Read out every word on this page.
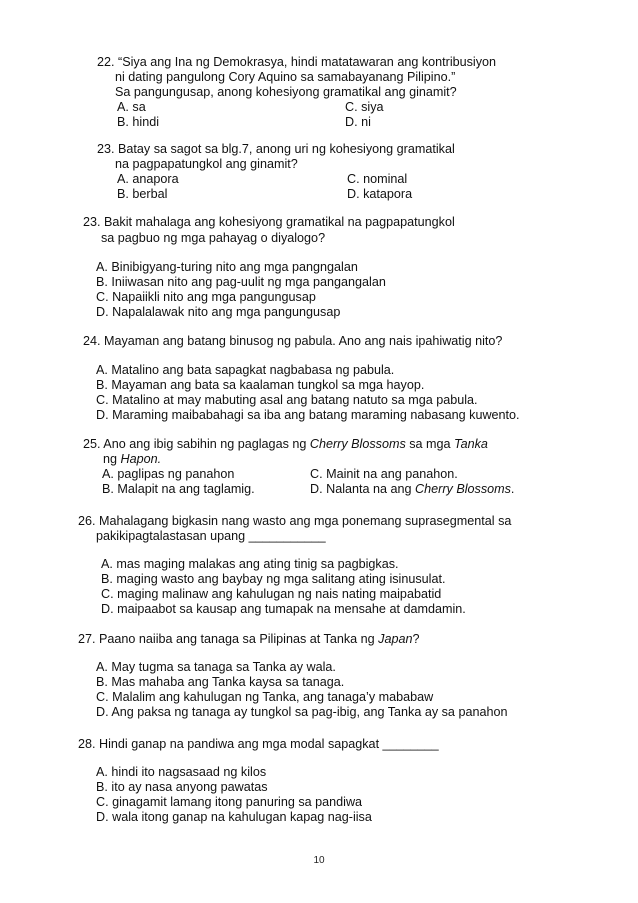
22. “Siya ang Ina ng Demokrasya, hindi matatawaran ang kontribusiyon
ni dating pangulong Cory Aquino sa samabayanang Pilipino.”
Sa pangungusap, anong kohesiyong gramatikal ang ginamit?
A. sa	C. siya
B. hindi	D. ni
23. Batay sa sagot sa blg.7, anong uri ng kohesiyong gramatikal
na pagpapatungkol ang ginamit?
A. anapora	C. nominal
B. berbal	D. katapora
23. Bakit mahalaga ang kohesiyong gramatikal na pagpapatungkol
sa pagbuo ng mga pahayag o diyalogo?
A. Binibigyang-turing nito ang mga pangngalan
B. Iniiwasan nito ang pag-uulit ng mga pangangalan
C. Napaiikli nito ang mga pangungusap
D. Napalalawak nito ang mga pangungusap
24. Mayaman ang batang binusog ng pabula. Ano ang nais ipahiwatig nito?
A. Matalino ang bata sapagkat nagbabasa ng pabula.
B. Mayaman ang bata sa kaalaman tungkol sa mga hayop.
C. Matalino at may mabuting asal ang batang natuto sa mga pabula.
D. Maraming maibabahagi sa iba ang batang maraming nabasang kuwento.
25. Ano ang ibig sabihin ng paglagas ng Cherry Blossoms sa mga Tanka
ng Hapon.
A. paglipas ng panahon	C. Mainit na ang panahon.
B. Malapit na ang taglamig.	D. Nalanta na ang Cherry Blossoms.
26. Mahalagang bigkasin nang wasto ang mga ponemang suprasegmental sa
pakikipagtalastasan upang ___________
A. mas maging malakas ang ating tinig sa pagbigkas.
B. maging wasto ang baybay ng mga salitang ating isinusulat.
C. maging malinaw ang kahulugan ng nais nating maipabatid
D. maipaabot sa kausap ang tumapak na mensahe at damdamin.
27. Paano naiiba ang tanaga sa Pilipinas at Tanka ng Japan?
A. May tugma sa tanaga sa Tanka ay wala.
B. Mas mahaba ang Tanka kaysa sa tanaga.
C. Malalim ang kahulugan ng Tanka, ang tanaga’y mababaw
D. Ang paksa ng tanaga ay tungkol sa pag-ibig, ang Tanka ay sa panahon
28. Hindi ganap na pandiwa ang mga modal sapagkat ________
A. hindi ito nagsasaad ng kilos
B. ito ay nasa anyong pawatas
C. ginagamit lamang itong panuring sa pandiwa
D. wala itong ganap na kahulugan kapag nag-iisa
10
